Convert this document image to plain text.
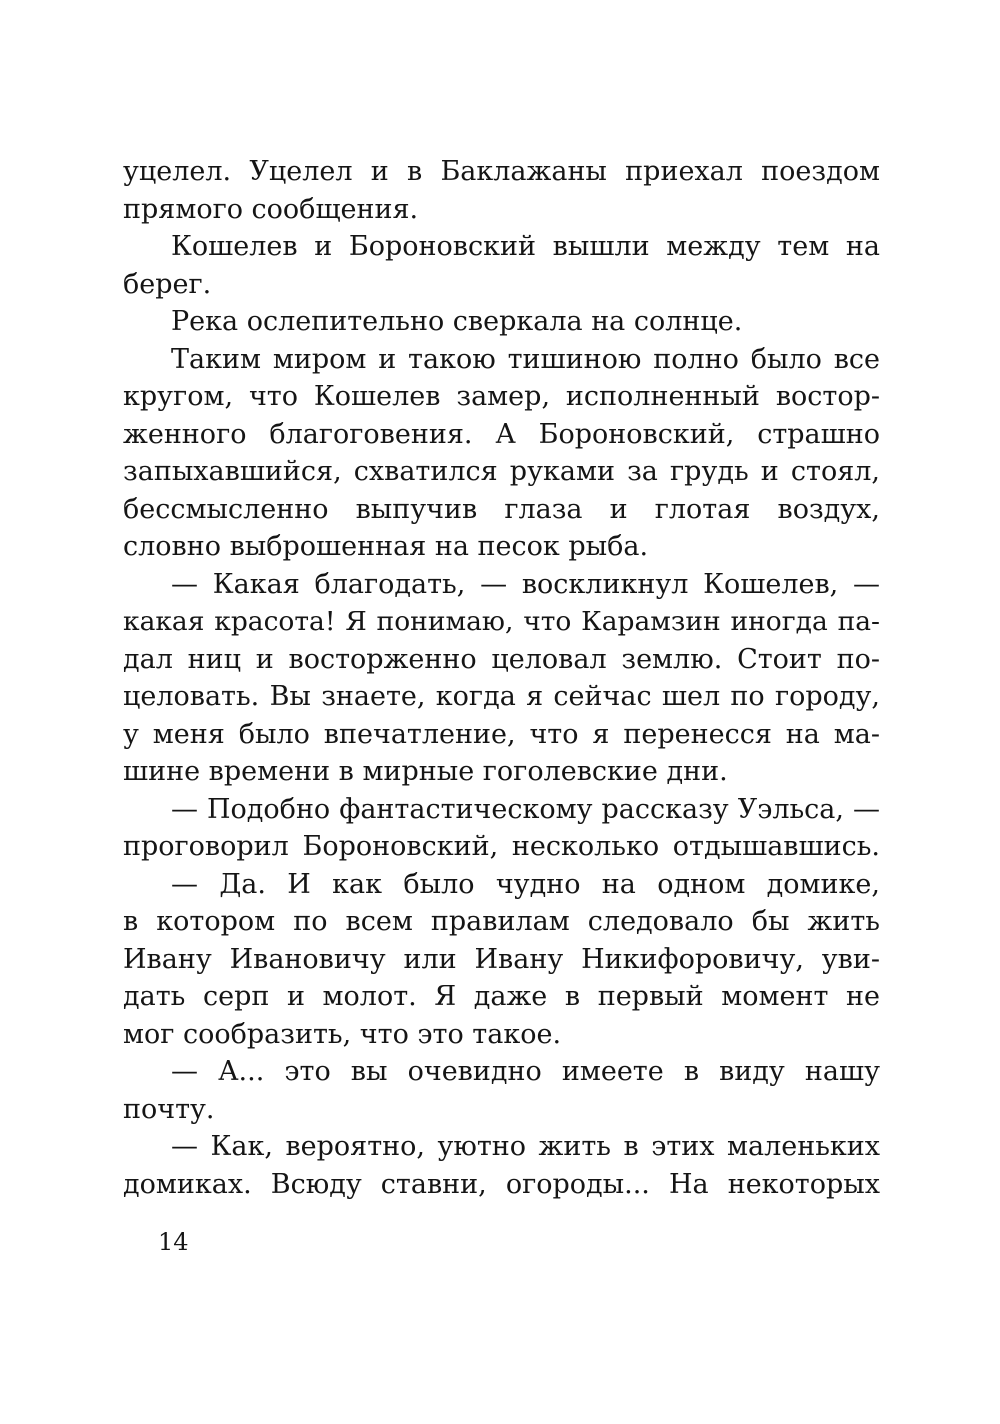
уцелел. Уцелел и в Баклажаны приехал поездом
прямого сообщения.
Кошелев и Бороновский вышли между тем на
берег.
Река ослепительно сверкала на солнце.
Таким миром и такою тишиною полно было все
кругом, что Кошелев замер, исполненный востор-
женного благоговения. А Бороновский, страшно
запыхавшийся, схватился руками за грудь и стоял,
бессмысленно выпучив глаза и глотая воздух,
словно выброшенная на песок рыба.
— Какая благодать, — воскликнул Кошелев, —
какая красота! Я понимаю, что Карамзин иногда па-
дал ниц и восторженно целовал землю. Стоит по-
целовать. Вы знаете, когда я сейчас шел по городу,
у меня было впечатление, что я перенесся на ма-
шине времени в мирные гоголевские дни.
— Подобно фантастическому рассказу Уэльса, —
проговорил Бороновский, несколько отдышавшись.
— Да. И как было чудно на одном домике,
в котором по всем правилам следовало бы жить
Ивану Ивановичу или Ивану Никифоровичу, уви-
дать серп и молот. Я даже в первый момент не
мог сообразить, что это такое.
— А... это вы очевидно имеете в виду нашу
почту.
— Как, вероятно, уютно жить в этих маленьких
домиках. Всюду ставни, огороды... На некоторых
14
